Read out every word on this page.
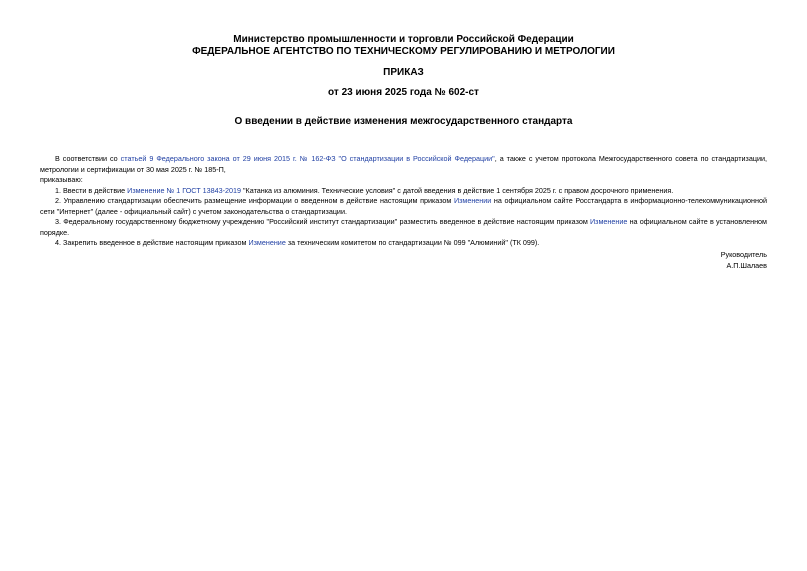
Министерство промышленности и торговли Российской Федерации
ФЕДЕРАЛЬНОЕ АГЕНТСТВО ПО ТЕХНИЧЕСКОМУ РЕГУЛИРОВАНИЮ И МЕТРОЛОГИИ
ПРИКАЗ
от 23 июня 2025 года № 602-ст
О введении в действие изменения межгосударственного стандарта

В соответствии со статьей 9 Федерального закона от 29 июня 2015 г. № 162-ФЗ "О стандартизации в Российской Федерации", а также с учетом протокола Межгосударственного совета по стандартизации, метрологии и сертификации от 30 мая 2025 г. № 185-П,

приказываю:

1. Ввести в действие Изменение № 1 ГОСТ 13843-2019 "Катанка из алюминия. Технические условия" с датой введения в действие 1 сентября 2025 г. с правом досрочного применения.

2. Управлению стандартизации обеспечить размещение информации о введенном в действие настоящим приказом Изменении на официальном сайте Росстандарта в информационно-телекоммуникационной сети "Интернет" (далее - официальный сайт) с учетом законодательства о стандартизации.

3. Федеральному государственному бюджетному учреждению "Российский институт стандартизации" разместить введенное в действие настоящим приказом Изменение на официальном сайте в установленном порядке.

4. Закрепить введенное в действие настоящим приказом Изменение за техническим комитетом по стандартизации № 099 "Алюминий" (ТК 099).

Руководитель
А.П.Шалаев
